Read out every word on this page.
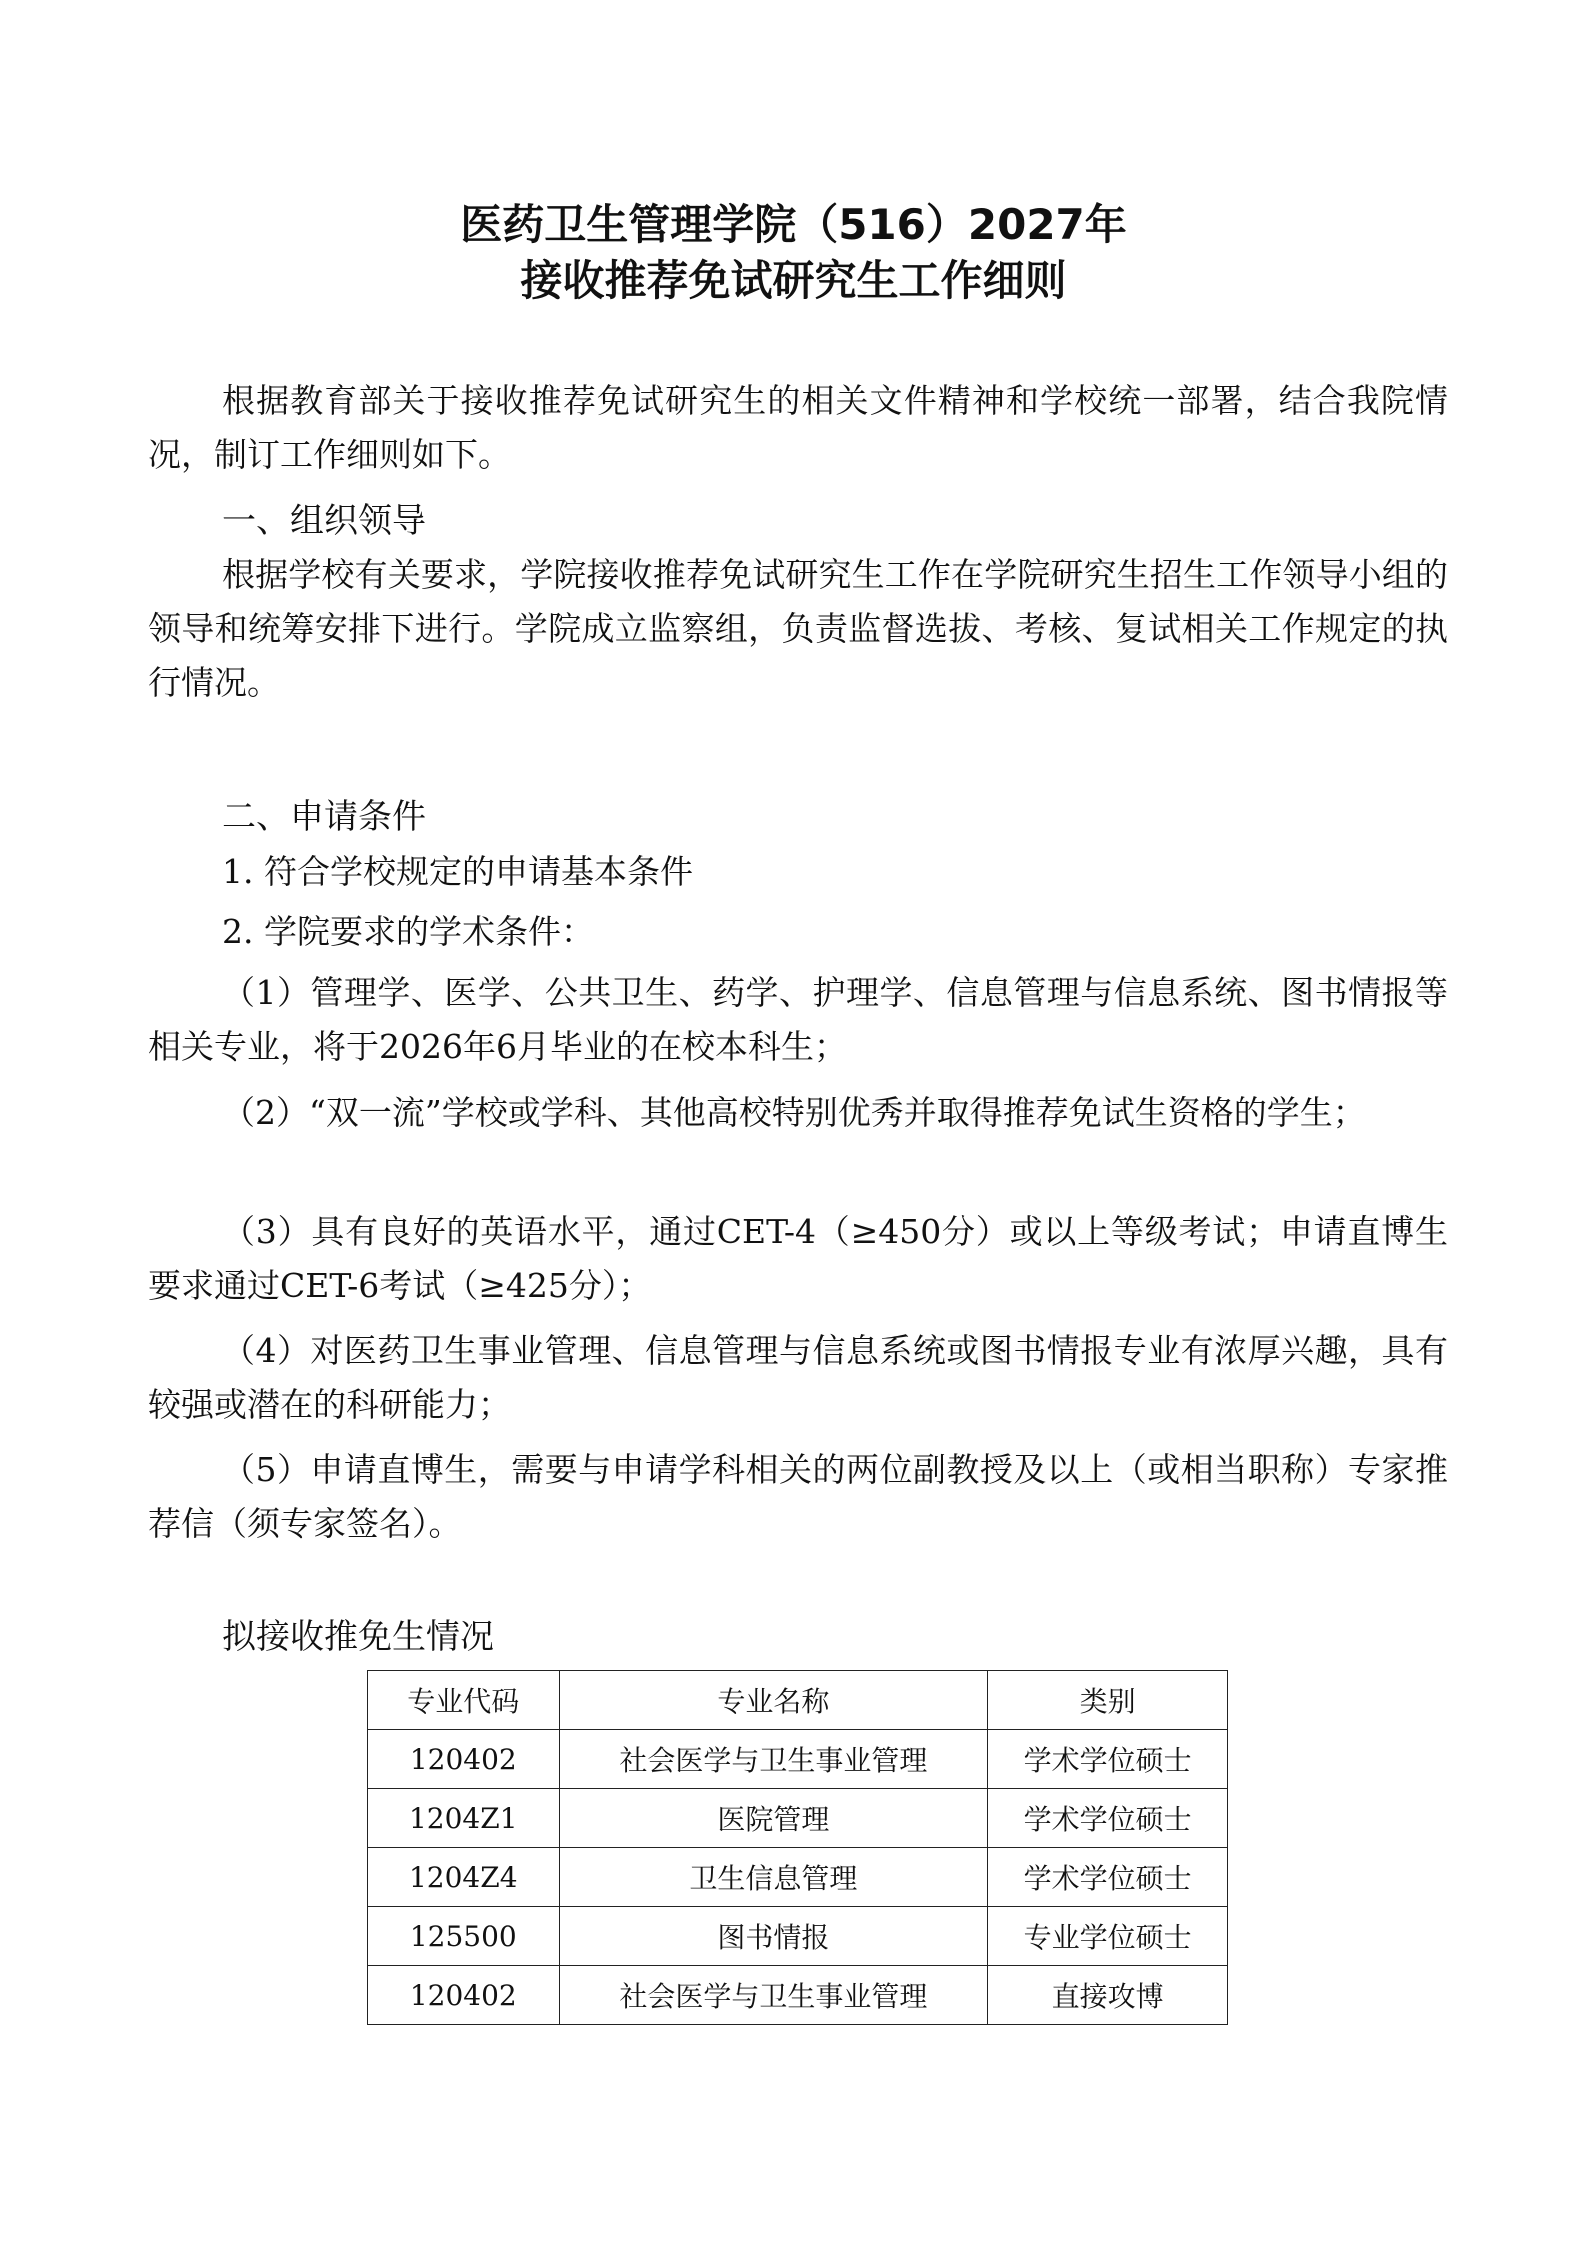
医药卫生管理学院（516）2027年
接收推荐免试研究生工作细则

根据教育部关于接收推荐免试研究生的相关文件精神和学校统一部署，结合我院情况，制订工作细则如下。

一、组织领导

根据学校有关要求，学院接收推荐免试研究生工作在学院研究生招生工作领导小组的领导和统筹安排下进行。学院成立监察组，负责监督选拔、考核、复试相关工作规定的执行情况。

二、申请条件
1. 符合学校规定的申请基本条件
2. 学院要求的学术条件：

（1）管理学、医学、公共卫生、药学、护理学、信息管理与信息系统、图书情报等相关专业，将于2026年6月毕业的在校本科生；

（2）“双一流”学校或学科、其他高校特别优秀并取得推荐免试生资格的学生；

（3）具有良好的英语水平，通过CET-4（≥450分）或以上等级考试；申请直博生要求通过CET-6考试（≥425分）；

（4）对医药卫生事业管理、信息管理与信息系统或图书情报专业有浓厚兴趣，具有较强或潜在的科研能力；

（5）申请直博生，需要与申请学科相关的两位副教授及以上（或相当职称）专家推荐信（须专家签名）。

拟接收推免生情况
专业代码	专业名称	类别
120402	社会医学与卫生事业管理	学术学位硕士
1204Z1	医院管理	学术学位硕士
1204Z4	卫生信息管理	学术学位硕士
125500	图书情报	专业学位硕士
120402	社会医学与卫生事业管理	直接攻博
